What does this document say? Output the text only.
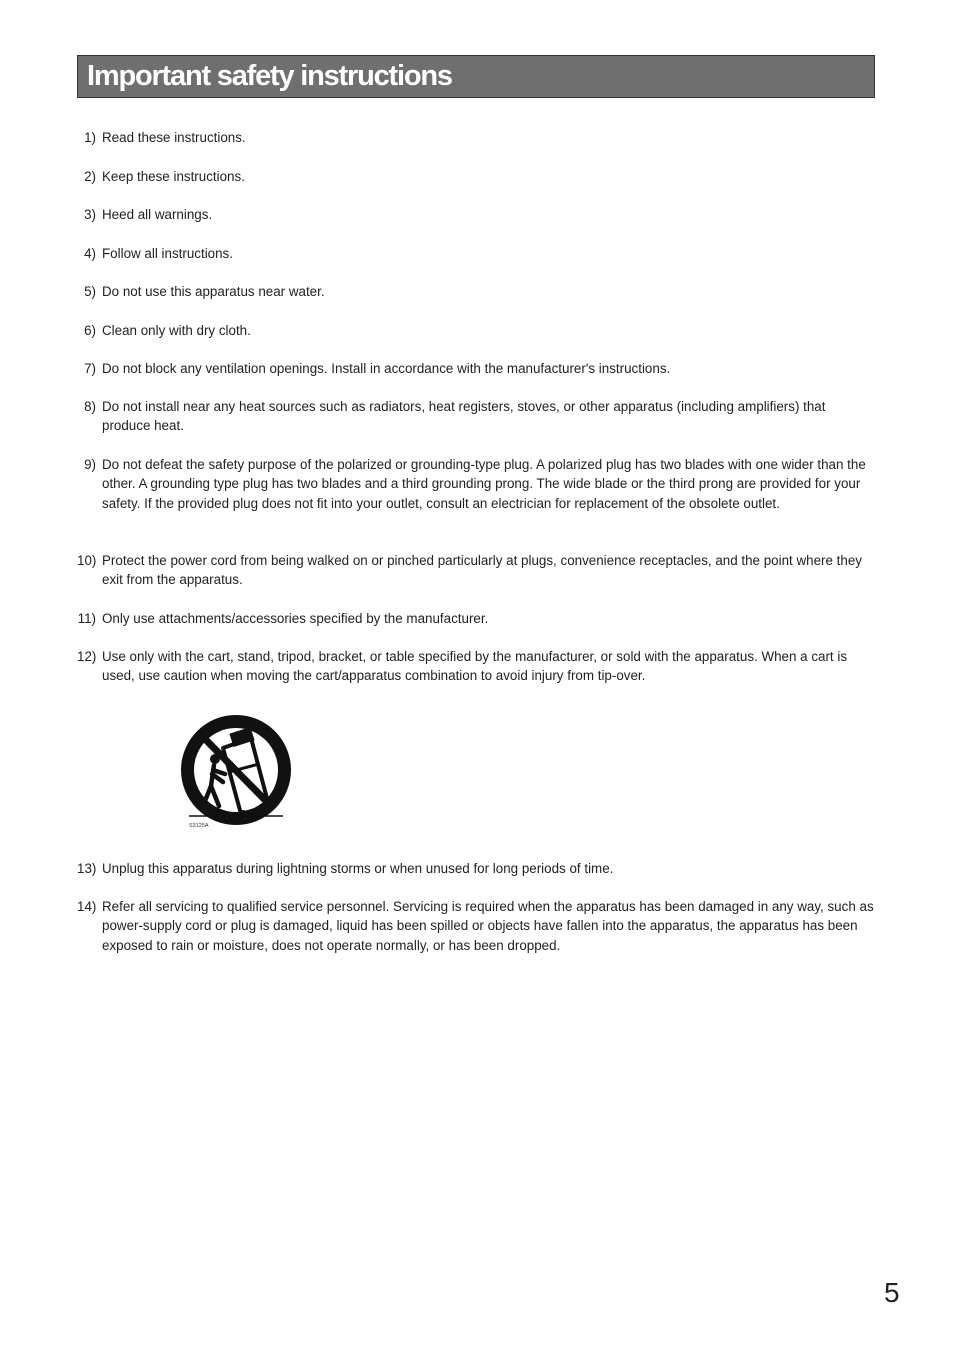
Important safety instructions
1) Read these instructions.
2) Keep these instructions.
3) Heed all warnings.
4) Follow all instructions.
5) Do not use this apparatus near water.
6) Clean only with dry cloth.
7) Do not block any ventilation openings. Install in accordance with the manufacturer's instructions.
8) Do not install near any heat sources such as radiators, heat registers, stoves, or other apparatus (including amplifiers) that produce heat.
9) Do not defeat the safety purpose of the polarized or grounding-type plug. A polarized plug has two blades with one wider than the other. A grounding type plug has two blades and a third grounding prong. The wide blade or the third prong are provided for your safety. If the provided plug does not fit into your outlet, consult an electrician for replacement of the obsolete outlet.
10) Protect the power cord from being walked on or pinched particularly at plugs, convenience receptacles, and the point where they exit from the apparatus.
11) Only use attachments/accessories specified by the manufacturer.
12) Use only with the cart, stand, tripod, bracket, or table specified by the manufacturer, or sold with the apparatus. When a cart is used, use caution when moving the cart/apparatus combination to avoid injury from tip-over.
13) Unplug this apparatus during lightning storms or when unused for long periods of time.
14) Refer all servicing to qualified service personnel. Servicing is required when the apparatus has been damaged in any way, such as power-supply cord or plug is damaged, liquid has been spilled or objects have fallen into the apparatus, the apparatus has been exposed to rain or moisture, does not operate normally, or has been dropped.
S3125A
5
